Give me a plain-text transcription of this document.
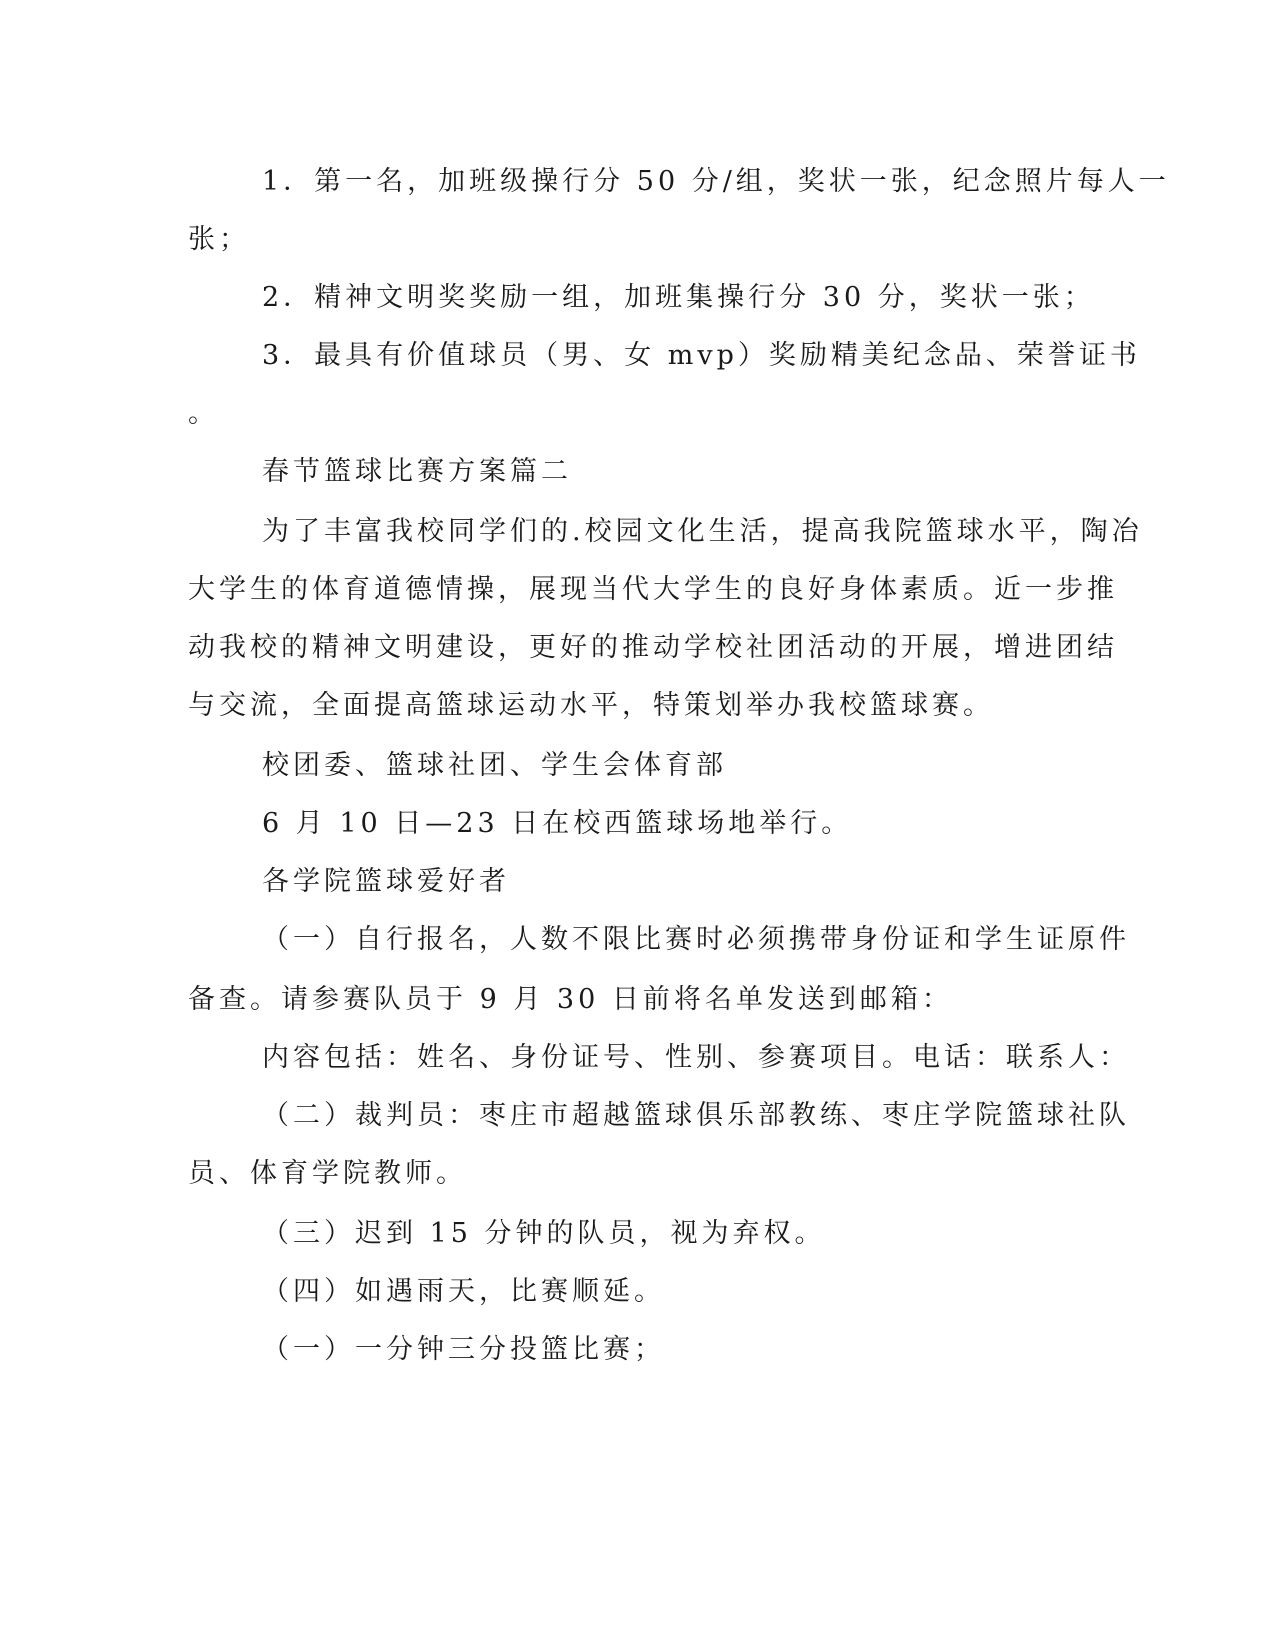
1．第一名，加班级操行分 50 分/组，奖状一张，纪念照片每人一
张；
2．精神文明奖奖励一组，加班集操行分 30 分，奖状一张；
3．最具有价值球员（男、女 mvp）奖励精美纪念品、荣誉证书
。
春节篮球比赛方案篇二
为了丰富我校同学们的.校园文化生活，提高我院篮球水平，陶冶
大学生的体育道德情操，展现当代大学生的良好身体素质。近一步推
动我校的精神文明建设，更好的推动学校社团活动的开展，增进团结
与交流，全面提高篮球运动水平，特策划举办我校篮球赛。
校团委、篮球社团、学生会体育部
6 月 10 日—23 日在校西篮球场地举行。
各学院篮球爱好者
（一）自行报名，人数不限比赛时必须携带身份证和学生证原件
备查。请参赛队员于 9 月 30 日前将名单发送到邮箱：
内容包括：姓名、身份证号、性别、参赛项目。电话：联系人：
（二）裁判员：枣庄市超越篮球俱乐部教练、枣庄学院篮球社队
员、体育学院教师。
（三）迟到 15 分钟的队员，视为弃权。
（四）如遇雨天，比赛顺延。
（一）一分钟三分投篮比赛；
